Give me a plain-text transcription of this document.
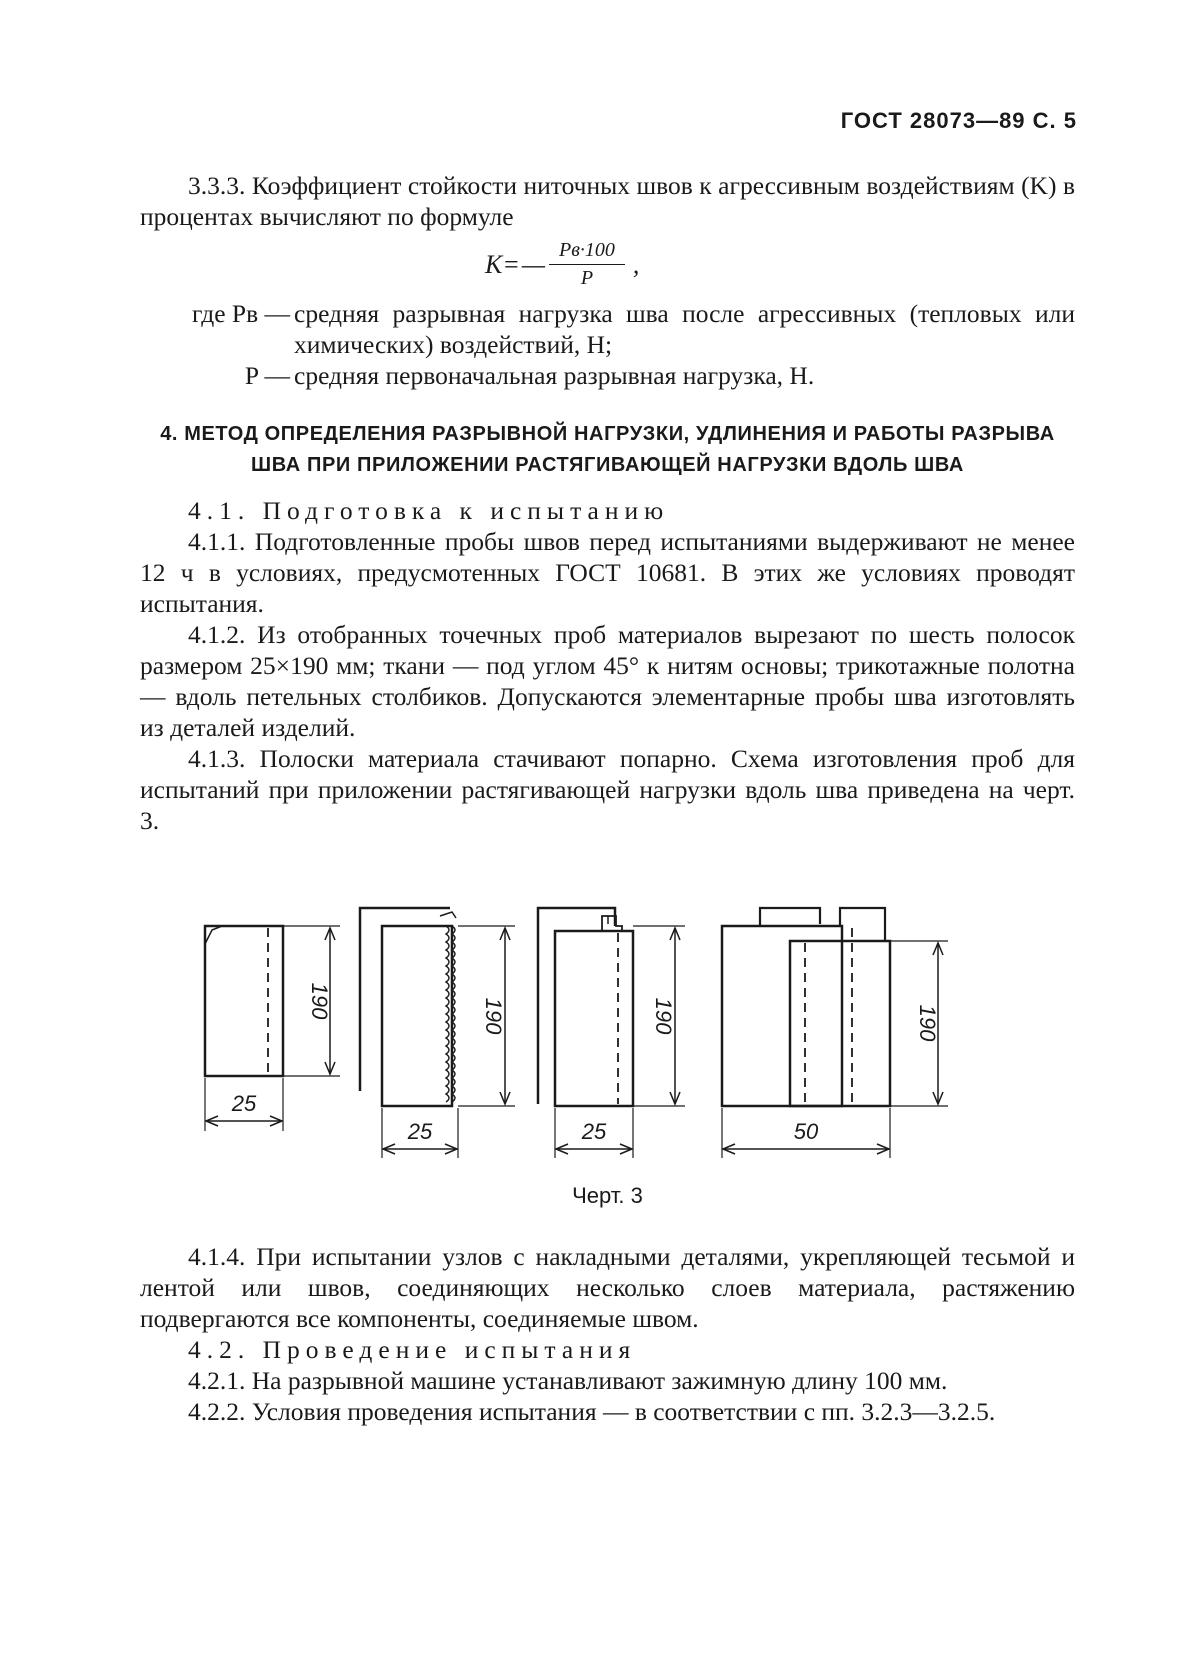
ГОСТ 28073—89 С. 5

3.3.3. Коэффициент стойкости ниточных швов к агрессивным воздействиям (K) в процентах вычисляют по формуле

K= — $\frac{Pв\cdot 100}{P}$ ,
где Pв — средняя разрывная нагрузка шва после агрессивных (тепловых или химических) воздействий, Н;
P — средняя первоначальная разрывная нагрузка, Н.
4. МЕТОД ОПРЕДЕЛЕНИЯ РАЗРЫВНОЙ НАГРУЗКИ, УДЛИНЕНИЯ И РАБОТЫ РАЗРЫВА ШВА ПРИ ПРИЛОЖЕНИИ РАСТЯГИВАЮЩЕЙ НАГРУЗКИ ВДОЛЬ ШВА

4.1. Подготовка к испытанию

4.1.1. Подготовленные пробы швов перед испытаниями выдерживают не менее 12 ч в условиях, предусмотенных ГОСТ 10681. В этих же условиях проводят испытания.

4.1.2. Из отобранных точечных проб материалов вырезают по шесть полосок размером 25×190 мм; ткани — под углом 45° к нитям основы; трикотажные полотна — вдоль петельных столбиков. Допускаются элементарные пробы шва изготовлять из деталей изделий.

4.1.3. Полоски материала стачивают попарно. Схема изготовления проб для испытаний при приложении растягивающей нагрузки вдоль шва приведена на черт. 3.

190
25
190
25
190
25
190
50
Черт. 3

4.1.4. При испытании узлов с накладными деталями, укрепляющей тесьмой и лентой или швов, соединяющих несколько слоев материала, растяжению подвергаются все компоненты, соединяемые швом.

4.2. Проведение испытания

4.2.1. На разрывной машине устанавливают зажимную длину 100 мм.

4.2.2. Условия проведения испытания — в соответствии с пп. 3.2.3—3.2.5.
